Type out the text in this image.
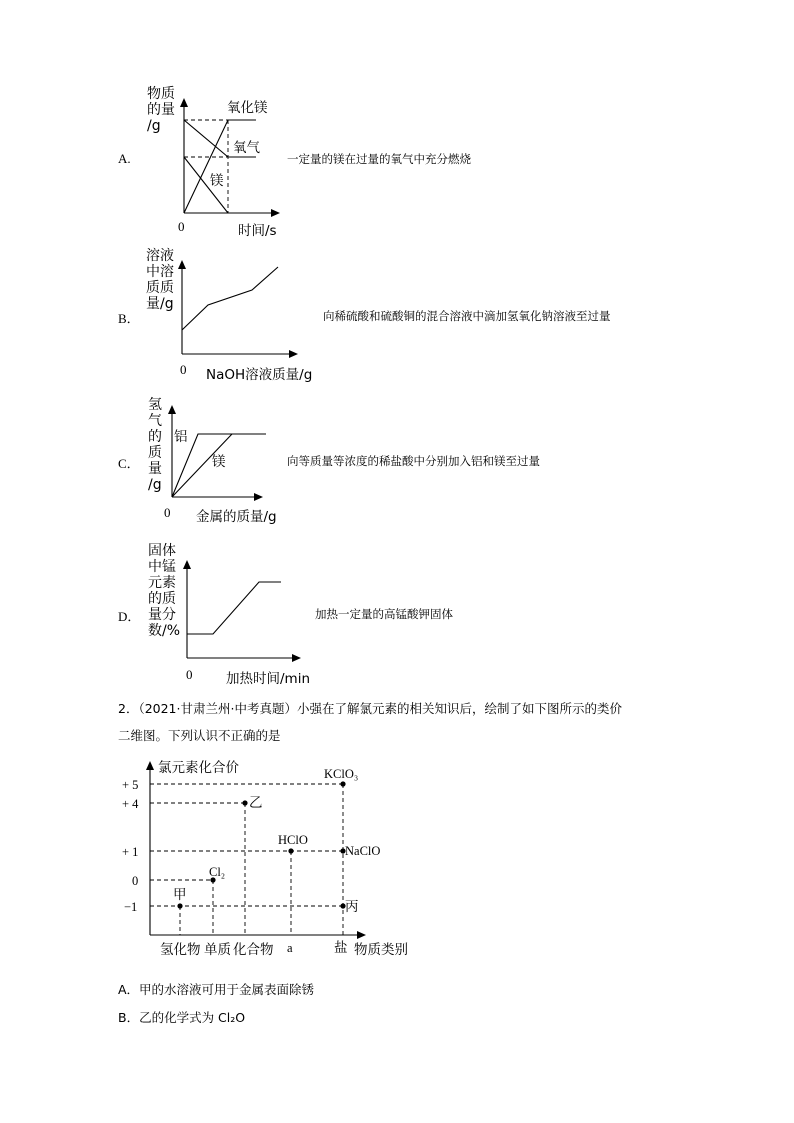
物质
的量
/g
A.
氧化镁
氧气
镁
0	时间/s
一定量的镁在过量的氧气中充分燃烧
溶液
中溶
质质
量/g
B．
0 NaOH溶液质量/g
向稀硫酸和硫酸铜的混合溶液中滴加氢氧化钠溶液至过量
氢
气
的
质
量
/g
C．
铝
镁
0 金属的质量/g
向等质量等浓度的稀盐酸中分别加入铝和镁至过量
固体
中锰
元素
的质
量分
数/%
D．
0 加热时间/min
加热一定量的高锰酸钾固体
2．（2021·甘肃兰州·中考真题）小强在了解氯元素的相关知识后，绘制了如下图所示的类价
二维图。下列认识不正确的是
氯元素化合价
+ 5
+ 4
+ 1
0
−1
甲
Cl₂
乙
HClO
KClO₃
NaClO
丙
氢化物 单质 化合物 a	盐 物质类别
A．甲的水溶液可用于金属表面除锈
B．乙的化学式为 Cl₂O
